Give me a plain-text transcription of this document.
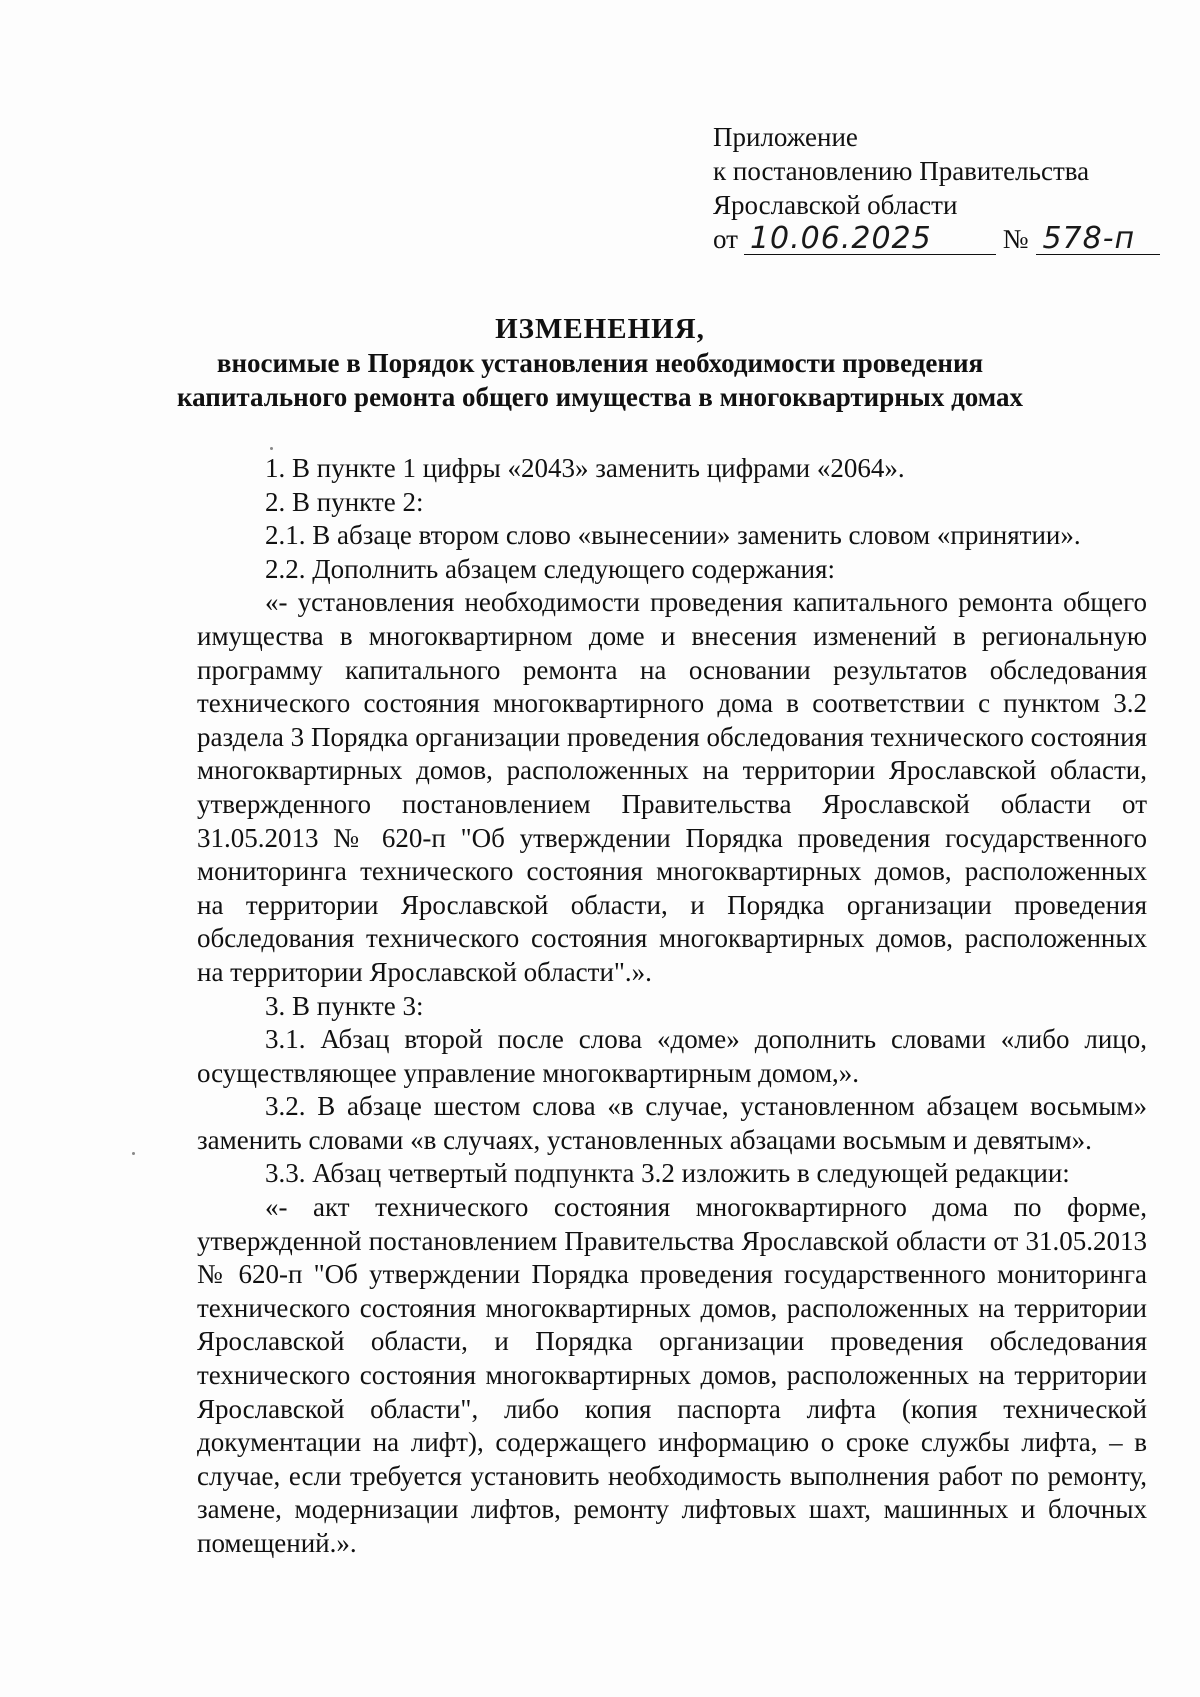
Приложение
к постановлению Правительства
Ярославской области
от 10.06.2025	№ 578-п
ИЗМЕНЕНИЯ,
вносимые в Порядок установления необходимости проведения
капитального ремонта общего имущества в многоквартирных домах

1. В пункте 1 цифры «2043» заменить цифрами «2064».

2. В пункте 2:

2.1. В абзаце втором слово «вынесении» заменить словом «принятии».

2.2. Дополнить абзацем следующего содержания:

«- установления необходимости проведения капитального ремонта общего имущества в многоквартирном доме и внесения изменений в региональную программу капитального ремонта на основании результатов обследования технического состояния многоквартирного дома в соответствии с пунктом 3.2 раздела 3 Порядка организации проведения обследования технического состояния многоквартирных домов, расположенных на территории Ярославской области, утвержденного постановлением Правительства Ярославской области от 31.05.2013 № 620-п "Об утверждении Порядка проведения государственного мониторинга технического состояния многоквартирных домов, расположенных на территории Ярославской области, и Порядка организации проведения обследования технического состояния многоквартирных домов, расположенных на территории Ярославской области".».

3. В пункте 3:

3.1. Абзац второй после слова «доме» дополнить словами «либо лицо, осуществляющее управление многоквартирным домом,».

3.2. В абзаце шестом слова «в случае, установленном абзацем восьмым» заменить словами «в случаях, установленных абзацами восьмым и девятым».

3.3. Абзац четвертый подпункта 3.2 изложить в следующей редакции:

«- акт технического состояния многоквартирного дома по форме, утвержденной постановлением Правительства Ярославской области от 31.05.2013 № 620-п "Об утверждении Порядка проведения государственного мониторинга технического состояния многоквартирных домов, расположенных на территории Ярославской области, и Порядка организации проведения обследования технического состояния многоквартирных домов, расположенных на территории Ярославской области", либо копия паспорта лифта (копия технической документации на лифт), содержащего информацию о сроке службы лифта, – в случае, если требуется установить необходимость выполнения работ по ремонту, замене, модернизации лифтов, ремонту лифтовых шахт, машинных и блочных помещений.».
